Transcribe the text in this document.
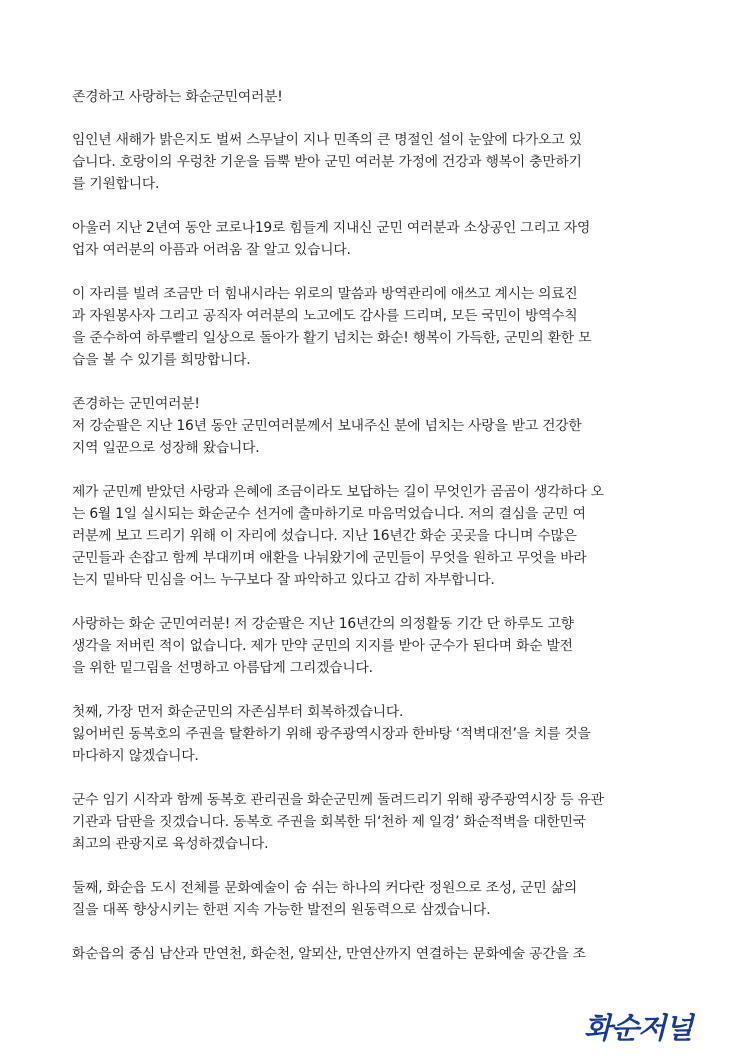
존경하고 사랑하는 화순군민여러분!
임인년 새해가 밝은지도 벌써 스무날이 지나 민족의 큰 명절인 설이 눈앞에 다가오고 있
습니다. 호랑이의 우렁찬 기운을 듬뿍 받아 군민 여러분 가정에 건강과 행복이 충만하기
를 기원합니다.
아울러 지난 2년여 동안 코로나19로 힘들게 지내신 군민 여러분과 소상공인 그리고 자영
업자 여러분의 아픔과 어려움 잘 알고 있습니다.
이 자리를 빌려 조금만 더 힘내시라는 위로의 말씀과 방역관리에 애쓰고 계시는 의료진
과 자원봉사자 그리고 공직자 여러분의 노고에도 감사를 드리며, 모든 국민이 방역수칙
을 준수하여 하루빨리 일상으로 돌아가 활기 넘치는 화순! 행복이 가득한, 군민의 환한 모
습을 볼 수 있기를 희망합니다.
존경하는 군민여러분!
저 강순팔은 지난 16년 동안 군민여러분께서 보내주신 분에 넘치는 사랑을 받고 건강한
지역 일꾼으로 성장해 왔습니다.
제가 군민께 받았던 사랑과 은혜에 조금이라도 보답하는 길이 무엇인가 곰곰이 생각하다 오
는 6월 1일 실시되는 화순군수 선거에 출마하기로 마음먹었습니다. 저의 결심을 군민 여
러분께 보고 드리기 위해 이 자리에 섰습니다. 지난 16년간 화순 곳곳을 다니며 수많은
군민들과 손잡고 함께 부대끼며 애환을 나눠왔기에 군민들이 무엇을 원하고 무엇을 바라
는지 밑바닥 민심을 어느 누구보다 잘 파악하고 있다고 감히 자부합니다.
사랑하는 화순 군민여러분! 저 강순팔은 지난 16년간의 의정활동 기간 단 하루도 고향
생각을 저버린 적이 없습니다. 제가 만약 군민의 지지를 받아 군수가 된다며 화순 발전
을 위한 밑그림을 선명하고 아름답게 그리겠습니다.
첫째, 가장 먼저 화순군민의 자존심부터 회복하겠습니다.
잃어버린 동복호의 주권을 탈환하기 위해 광주광역시장과 한바탕 ‘적벽대전’을 치를 것을
마다하지 않겠습니다.
군수 임기 시작과 함께 동복호 관리권을 화순군민께 돌려드리기 위해 광주광역시장 등 유관
기관과 담판을 짓겠습니다. 동복호 주권을 회복한 뒤‘천하 제 일경’ 화순적벽을 대한민국
최고의 관광지로 육성하겠습니다.
둘째, 화순읍 도시 전체를 문화예술이 숨 쉬는 하나의 커다란 정원으로 조성, 군민 삶의
질을 대폭 향상시키는 한편 지속 가능한 발전의 원동력으로 삼겠습니다.
화순읍의 중심 남산과 만연천, 화순천, 알뫼산, 만연산까지 연결하는 문화예술 공간을 조
화순저널
